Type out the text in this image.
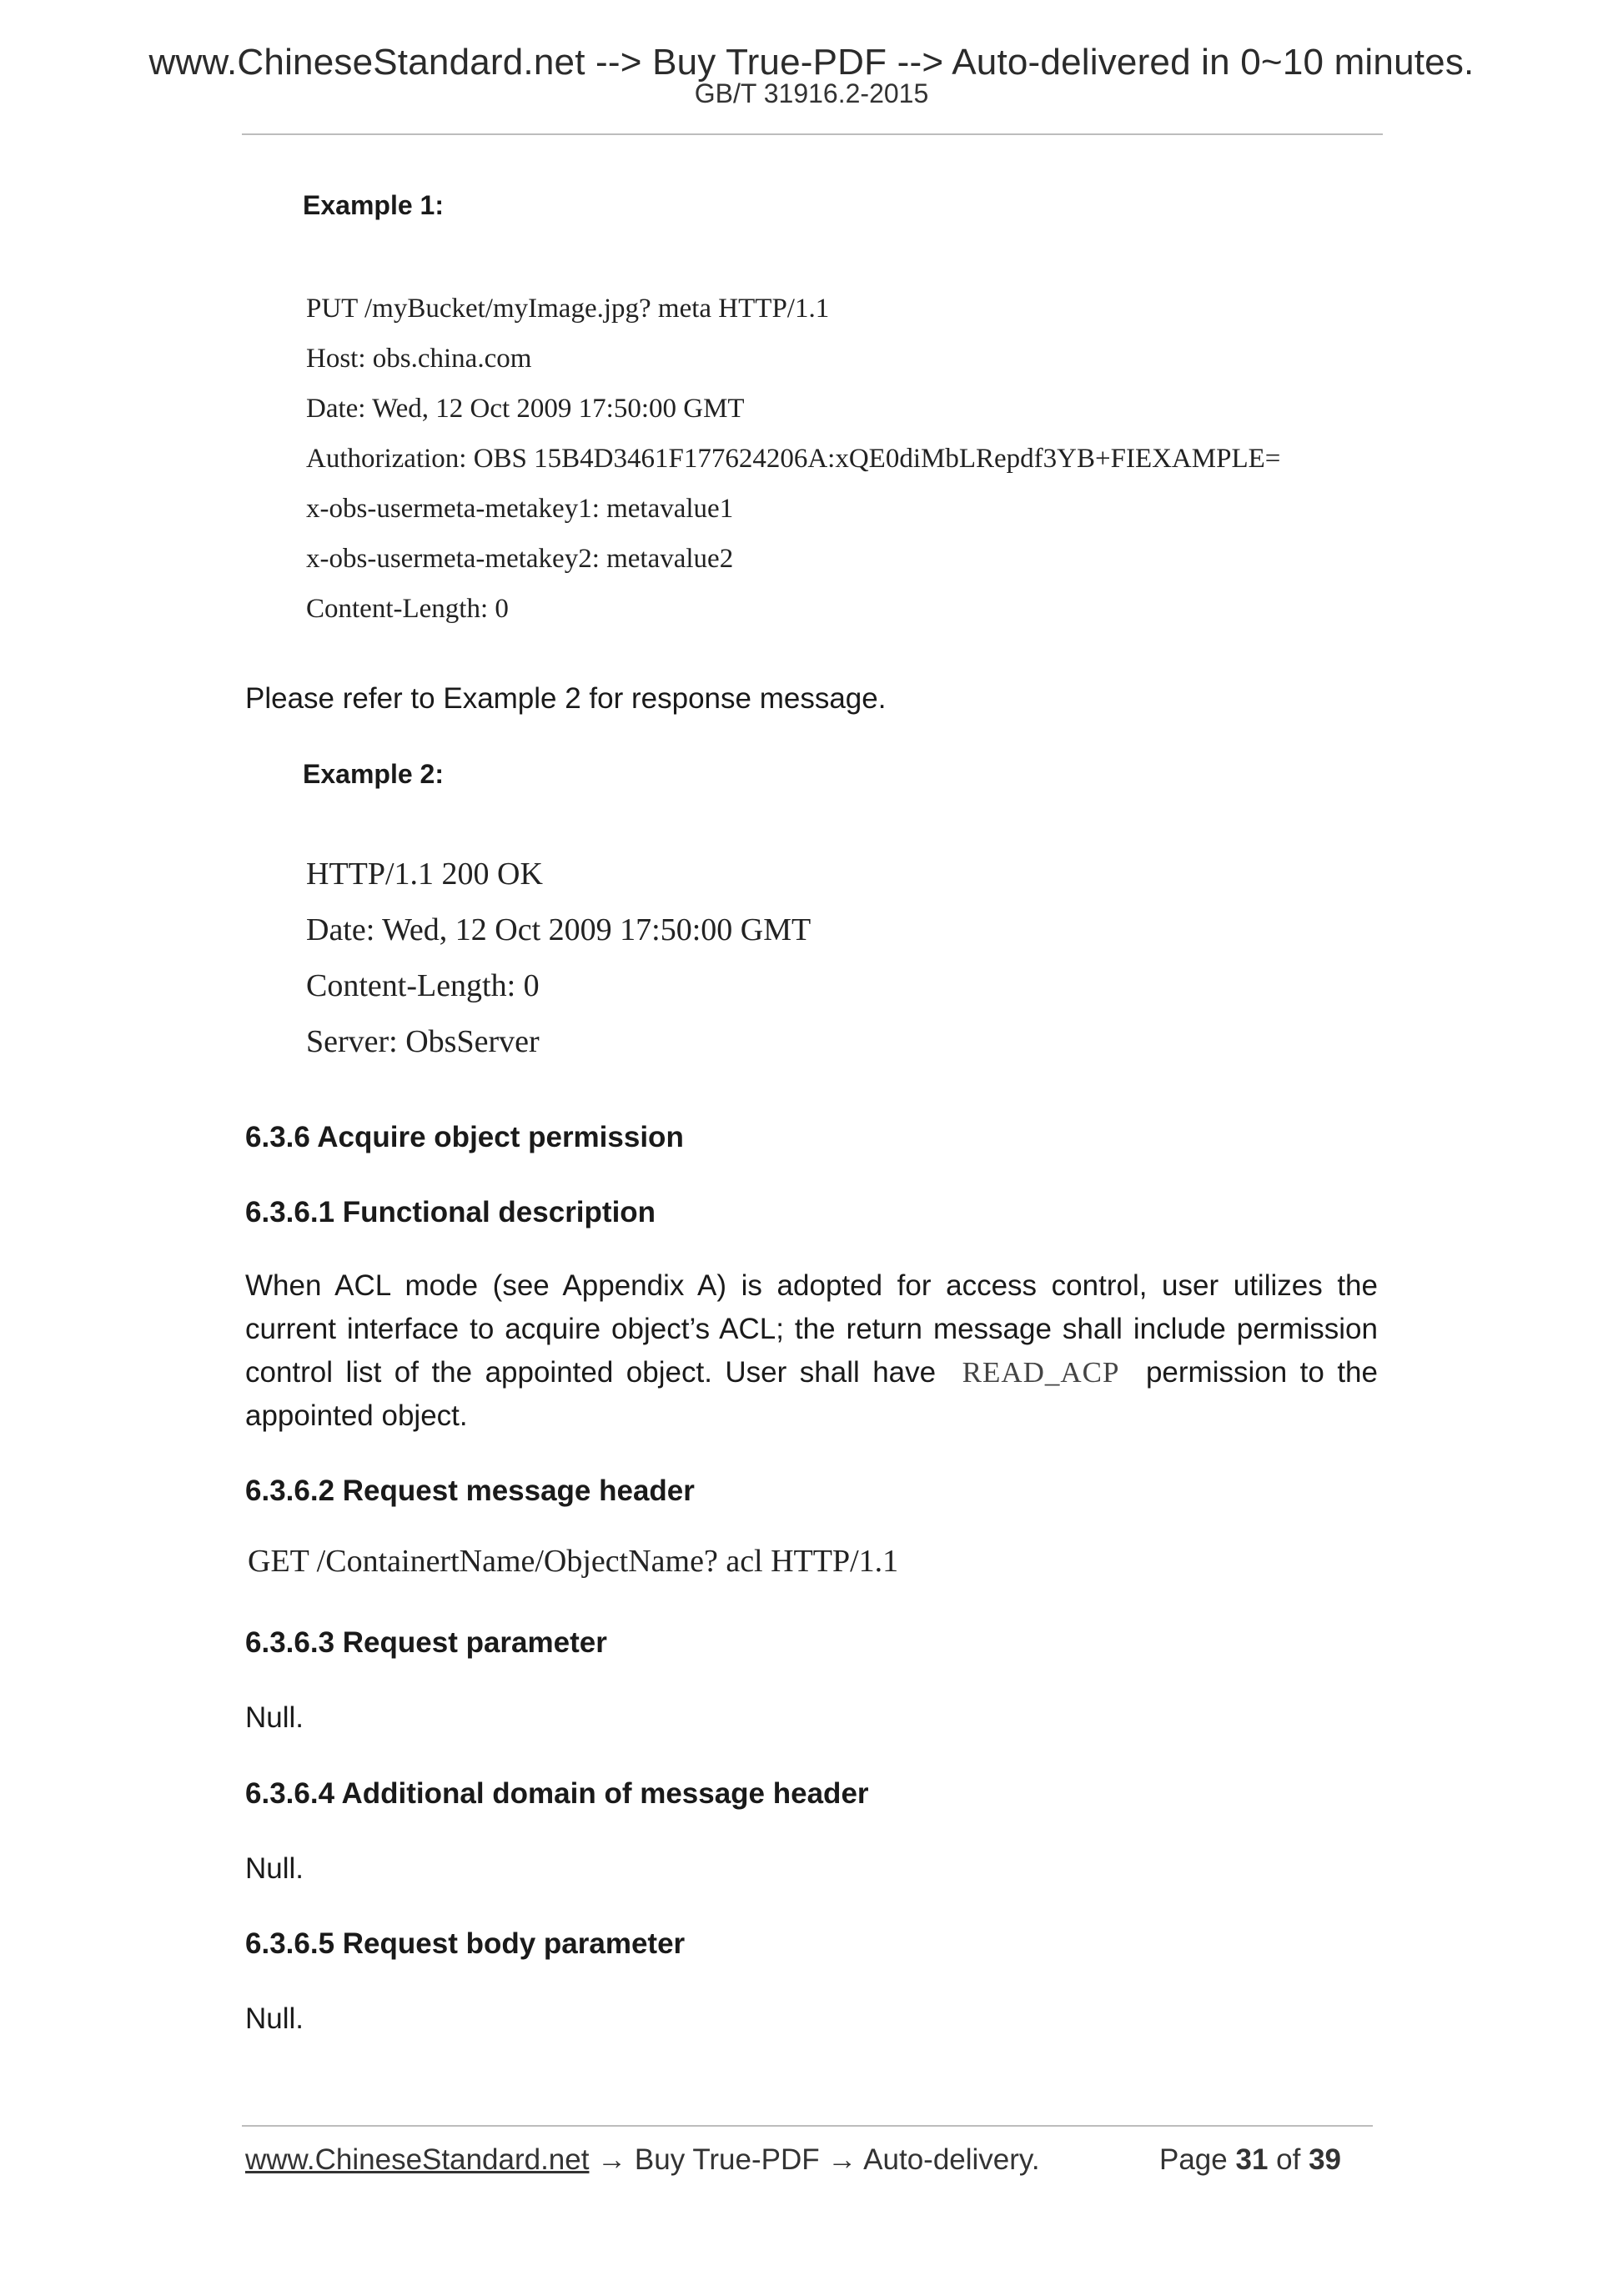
www.ChineseStandard.net --> Buy True-PDF --> Auto-delivered in 0~10 minutes.
GB/T 31916.2-2015
Example 1:
PUT /myBucket/myImage.jpg? meta HTTP/1.1
Host: obs.china.com
Date: Wed, 12 Oct 2009 17:50:00 GMT
Authorization: OBS 15B4D3461F177624206A:xQE0diMbLRepdf3YB+FIEXAMPLE=
x-obs-usermeta-metakey1: metavalue1
x-obs-usermeta-metakey2: metavalue2
Content-Length: 0
Please refer to Example 2 for response message.
Example 2:
HTTP/1.1 200 OK
Date: Wed, 12 Oct 2009 17:50:00 GMT
Content-Length: 0
Server: ObsServer
6.3.6 Acquire object permission
6.3.6.1 Functional description
When ACL mode (see Appendix A) is adopted for access control, user utilizes the current interface to acquire object’s ACL; the return message shall include permission control list of the appointed object. User shall have READ_ACP permission to the appointed object.
6.3.6.2 Request message header
GET /ContainertName/ObjectName? acl HTTP/1.1
6.3.6.3 Request parameter
Null.
6.3.6.4 Additional domain of message header
Null.
6.3.6.5 Request body parameter
Null.
www.ChineseStandard.net → Buy True-PDF → Auto-delivery.	Page 31 of 39
